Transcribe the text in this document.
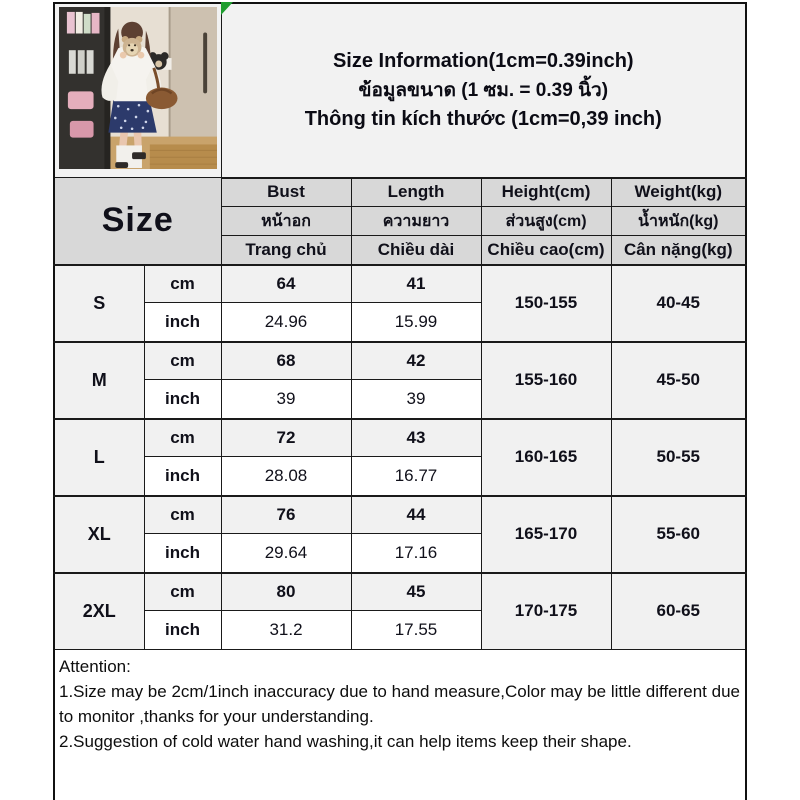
Size Information(1cm=0.39inch)
ข้อมูลขนาด (1 ซม. = 0.39 นิ้ว)
Thông tin kích thước (1cm=0,39 inch)			

Size		Bust	Length	Height(cm)	Weight(kg)
		หน้าอก	ความยาว	ส่วนสูง(cm)	น้ำหนัก(kg)
		Trang chủ	Chiều dài	Chiều cao(cm)	Cân nặng(kg)
S	cm	64	41	150-155	40-45
	inch	24.96	15.99		
M	cm	68	42	155-160	45-50
	inch	39	39		
L	cm	72	43	160-165	50-55
	inch	28.08	16.77		
XL	cm	76	44	165-170	55-60
	inch	29.64	17.16		
2XL	cm	80	45	170-175	60-65
	inch	31.2	17.55		

Attention:
1.Size may be 2cm/1inch inaccuracy due to hand measure,Color may be little different due to monitor ,thanks for your understanding.
2.Suggestion of cold water hand washing,it can help items keep their shape.					
